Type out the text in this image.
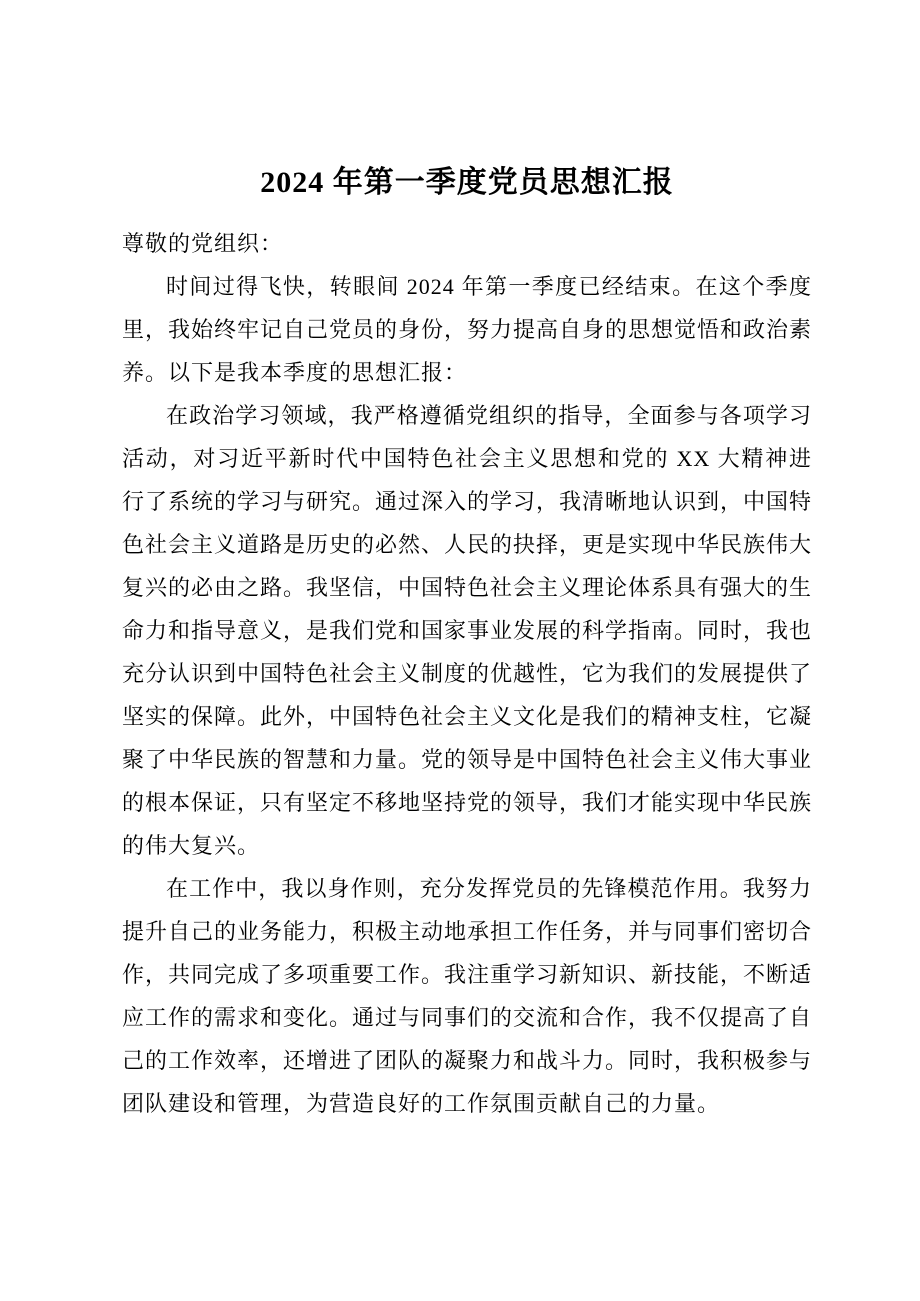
2024 年第一季度党员思想汇报

尊敬的党组织：

时间过得飞快，转眼间 2024 年第一季度已经结束。在这个季度里，我始终牢记自己党员的身份，努力提高自身的思想觉悟和政治素养。以下是我本季度的思想汇报：

在政治学习领域，我严格遵循党组织的指导，全面参与各项学习活动，对习近平新时代中国特色社会主义思想和党的 XX 大精神进行了系统的学习与研究。通过深入的学习，我清晰地认识到，中国特色社会主义道路是历史的必然、人民的抉择，更是实现中华民族伟大复兴的必由之路。我坚信，中国特色社会主义理论体系具有强大的生命力和指导意义，是我们党和国家事业发展的科学指南。同时，我也充分认识到中国特色社会主义制度的优越性，它为我们的发展提供了坚实的保障。此外，中国特色社会主义文化是我们的精神支柱，它凝聚了中华民族的智慧和力量。党的领导是中国特色社会主义伟大事业的根本保证，只有坚定不移地坚持党的领导，我们才能实现中华民族的伟大复兴。

在工作中，我以身作则，充分发挥党员的先锋模范作用。我努力提升自己的业务能力，积极主动地承担工作任务，并与同事们密切合作，共同完成了多项重要工作。我注重学习新知识、新技能，不断适应工作的需求和变化。通过与同事们的交流和合作，我不仅提高了自己的工作效率，还增进了团队的凝聚力和战斗力。同时，我积极参与团队建设和管理，为营造良好的工作氛围贡献自己的力量。
